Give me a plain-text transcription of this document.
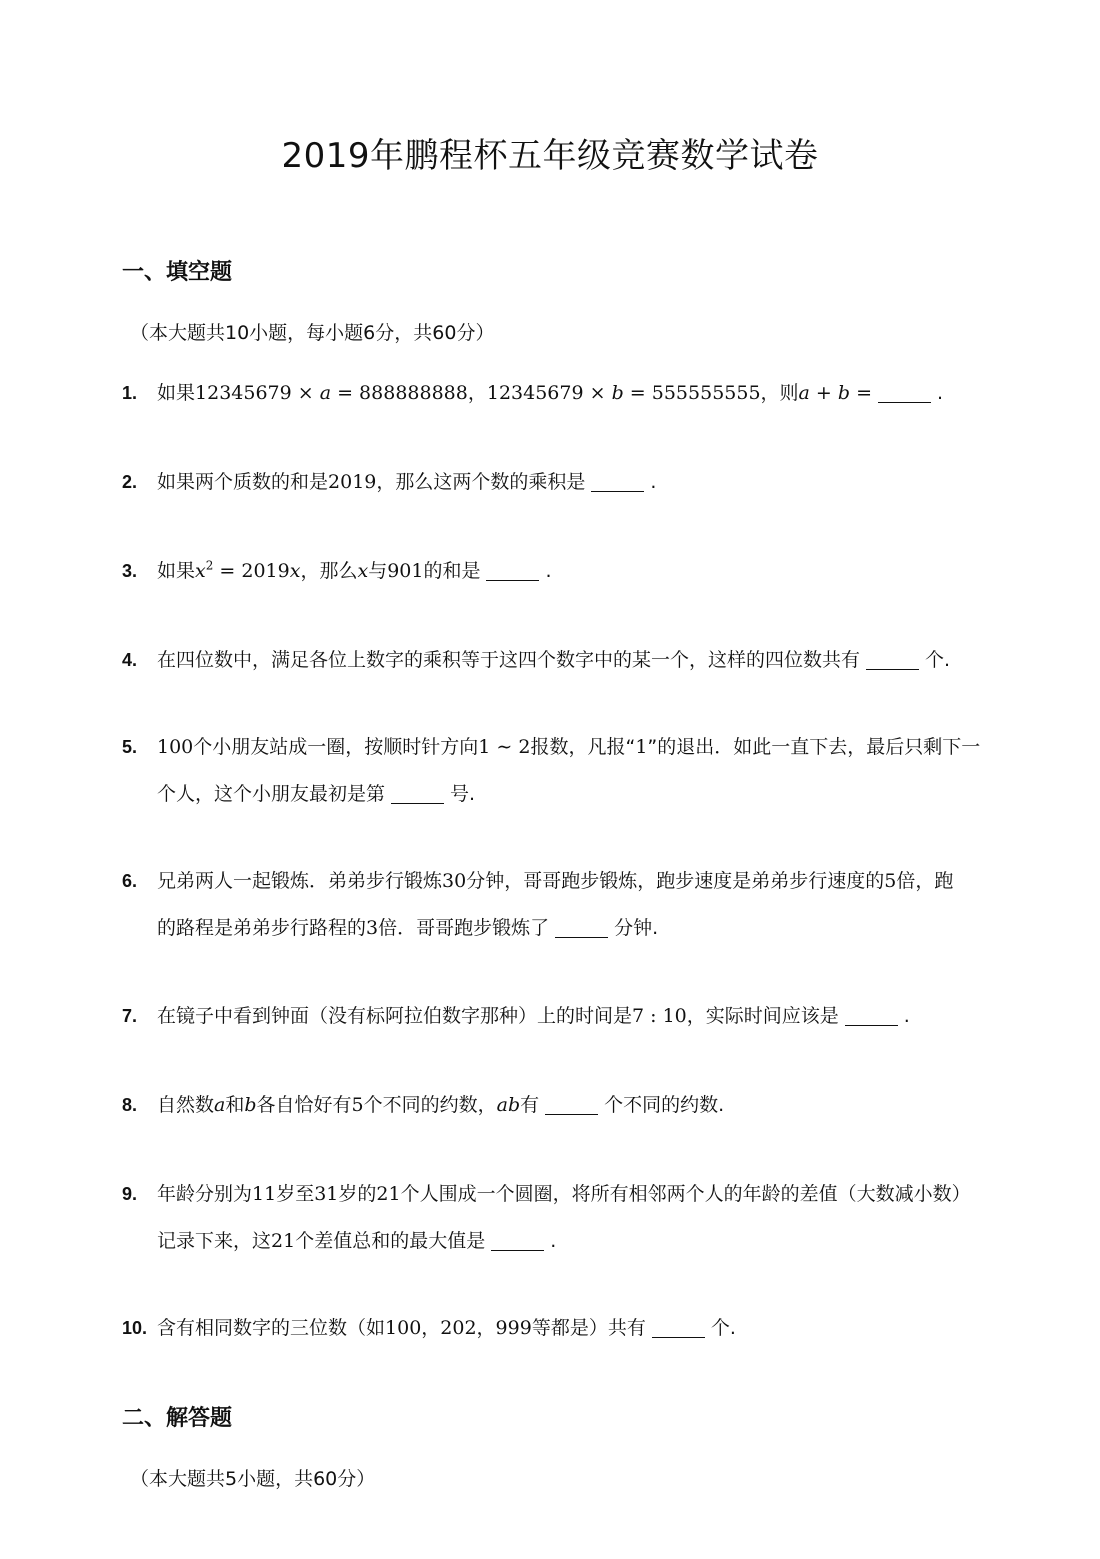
2019年鹏程杯五年级竞赛数学试卷
一、填空题

（本大题共10小题，每小题6分，共60分）

1. 如果12345679 × a = 888888888，12345679 × b = 555555555，则a + b =	.
2. 如果两个质数的和是2019，那么这两个数的乘积是	.
3. 如果$x^2 = 2019x$，那么x与901的和是	.
4. 在四位数中，满足各位上数字的乘积等于这四个数字中的某一个，这样的四位数共有	个.
5. 100个小朋友站成一圈，按顺时针方向1 ∼ 2报数，凡报“1”的退出．如此一直下去，最后只剩下一
个人，这个小朋友最初是第	号.
6. 兄弟两人一起锻炼．弟弟步行锻炼30分钟，哥哥跑步锻炼，跑步速度是弟弟步行速度的5倍，跑
的路程是弟弟步行路程的3倍．哥哥跑步锻炼了	分钟.
7. 在镜子中看到钟面（没有标阿拉伯数字那种）上的时间是7 : 10，实际时间应该是	.
8. 自然数a和b各自恰好有5个不同的约数，ab有	个不同的约数.
9. 年龄分别为11岁至31岁的21个人围成一个圆圈，将所有相邻两个人的年龄的差值（大数减小数）
记录下来，这21个差值总和的最大值是	.
10. 含有相同数字的三位数（如100，202，999等都是）共有	个.
二、解答题

（本大题共5小题，共60分）
